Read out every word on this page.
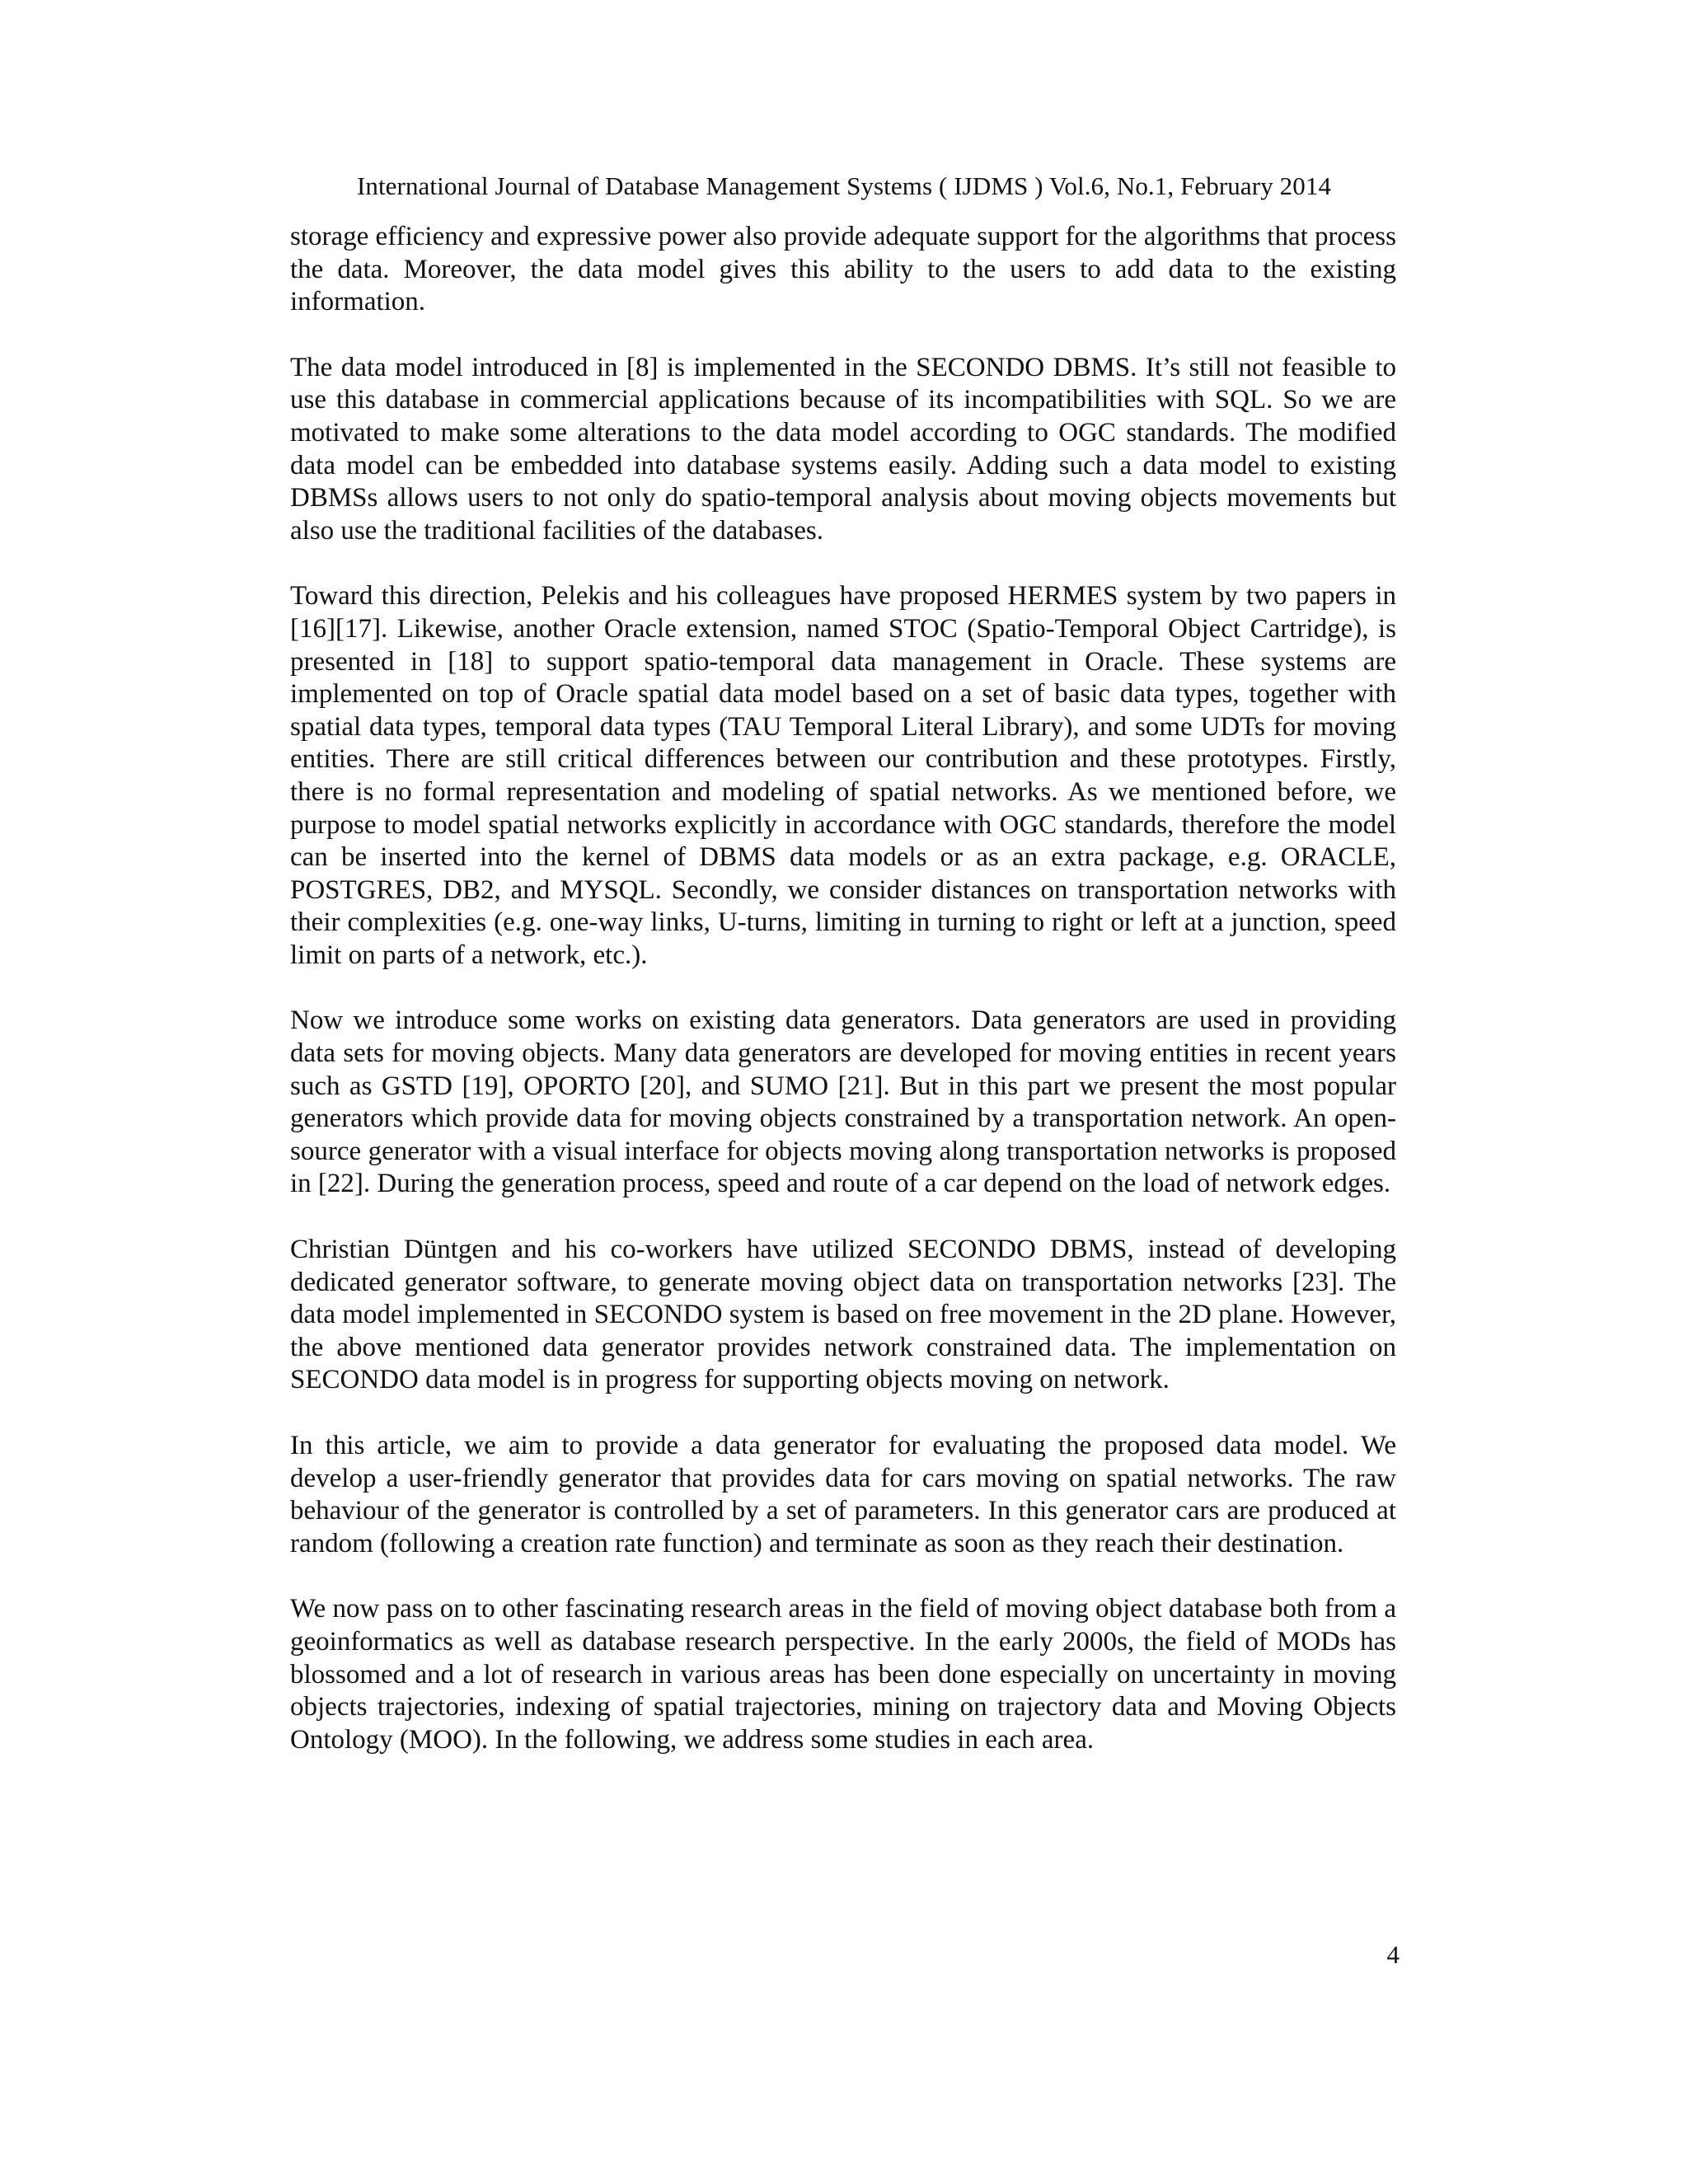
International Journal of Database Management Systems ( IJDMS ) Vol.6, No.1, February 2014

storage efficiency and expressive power also provide adequate support for the algorithms that process the data. Moreover, the data model gives this ability to the users to add data to the existing information.

The data model introduced in [8] is implemented in the SECONDO DBMS. It’s still not feasible to use this database in commercial applications because of its incompatibilities with SQL. So we are motivated to make some alterations to the data model according to OGC standards. The modified data model can be embedded into database systems easily. Adding such a data model to existing DBMSs allows users to not only do spatio-temporal analysis about moving objects movements but also use the traditional facilities of the databases.

Toward this direction, Pelekis and his colleagues have proposed HERMES system by two papers in [16][17]. Likewise, another Oracle extension, named STOC (Spatio-Temporal Object Cartridge), is presented in [18] to support spatio-temporal data management in Oracle. These systems are implemented on top of Oracle spatial data model based on a set of basic data types, together with spatial data types, temporal data types (TAU Temporal Literal Library), and some UDTs for moving entities. There are still critical differences between our contribution and these prototypes. Firstly, there is no formal representation and modeling of spatial networks. As we mentioned before, we purpose to model spatial networks explicitly in accordance with OGC standards, therefore the model can be inserted into the kernel of DBMS data models or as an extra package, e.g. ORACLE, POSTGRES, DB2, and MYSQL. Secondly, we consider distances on transportation networks with their complexities (e.g. one-way links, U-turns, limiting in turning to right or left at a junction, speed limit on parts of a network, etc.).

Now we introduce some works on existing data generators. Data generators are used in providing data sets for moving objects. Many data generators are developed for moving entities in recent years such as GSTD [19], OPORTO [20], and SUMO [21]. But in this part we present the most popular generators which provide data for moving objects constrained by a transportation network. An open-source generator with a visual interface for objects moving along transportation networks is proposed in [22]. During the generation process, speed and route of a car depend on the load of network edges.

Christian Düntgen and his co-workers have utilized SECONDO DBMS, instead of developing dedicated generator software, to generate moving object data on transportation networks [23]. The data model implemented in SECONDO system is based on free movement in the 2D plane. However, the above mentioned data generator provides network constrained data. The implementation on SECONDO data model is in progress for supporting objects moving on network.

In this article, we aim to provide a data generator for evaluating the proposed data model. We develop a user-friendly generator that provides data for cars moving on spatial networks. The raw behaviour of the generator is controlled by a set of parameters. In this generator cars are produced at random (following a creation rate function) and terminate as soon as they reach their destination.

We now pass on to other fascinating research areas in the field of moving object database both from a geoinformatics as well as database research perspective. In the early 2000s, the field of MODs has blossomed and a lot of research in various areas has been done especially on uncertainty in moving objects trajectories, indexing of spatial trajectories, mining on trajectory data and Moving Objects Ontology (MOO). In the following, we address some studies in each area.

4
